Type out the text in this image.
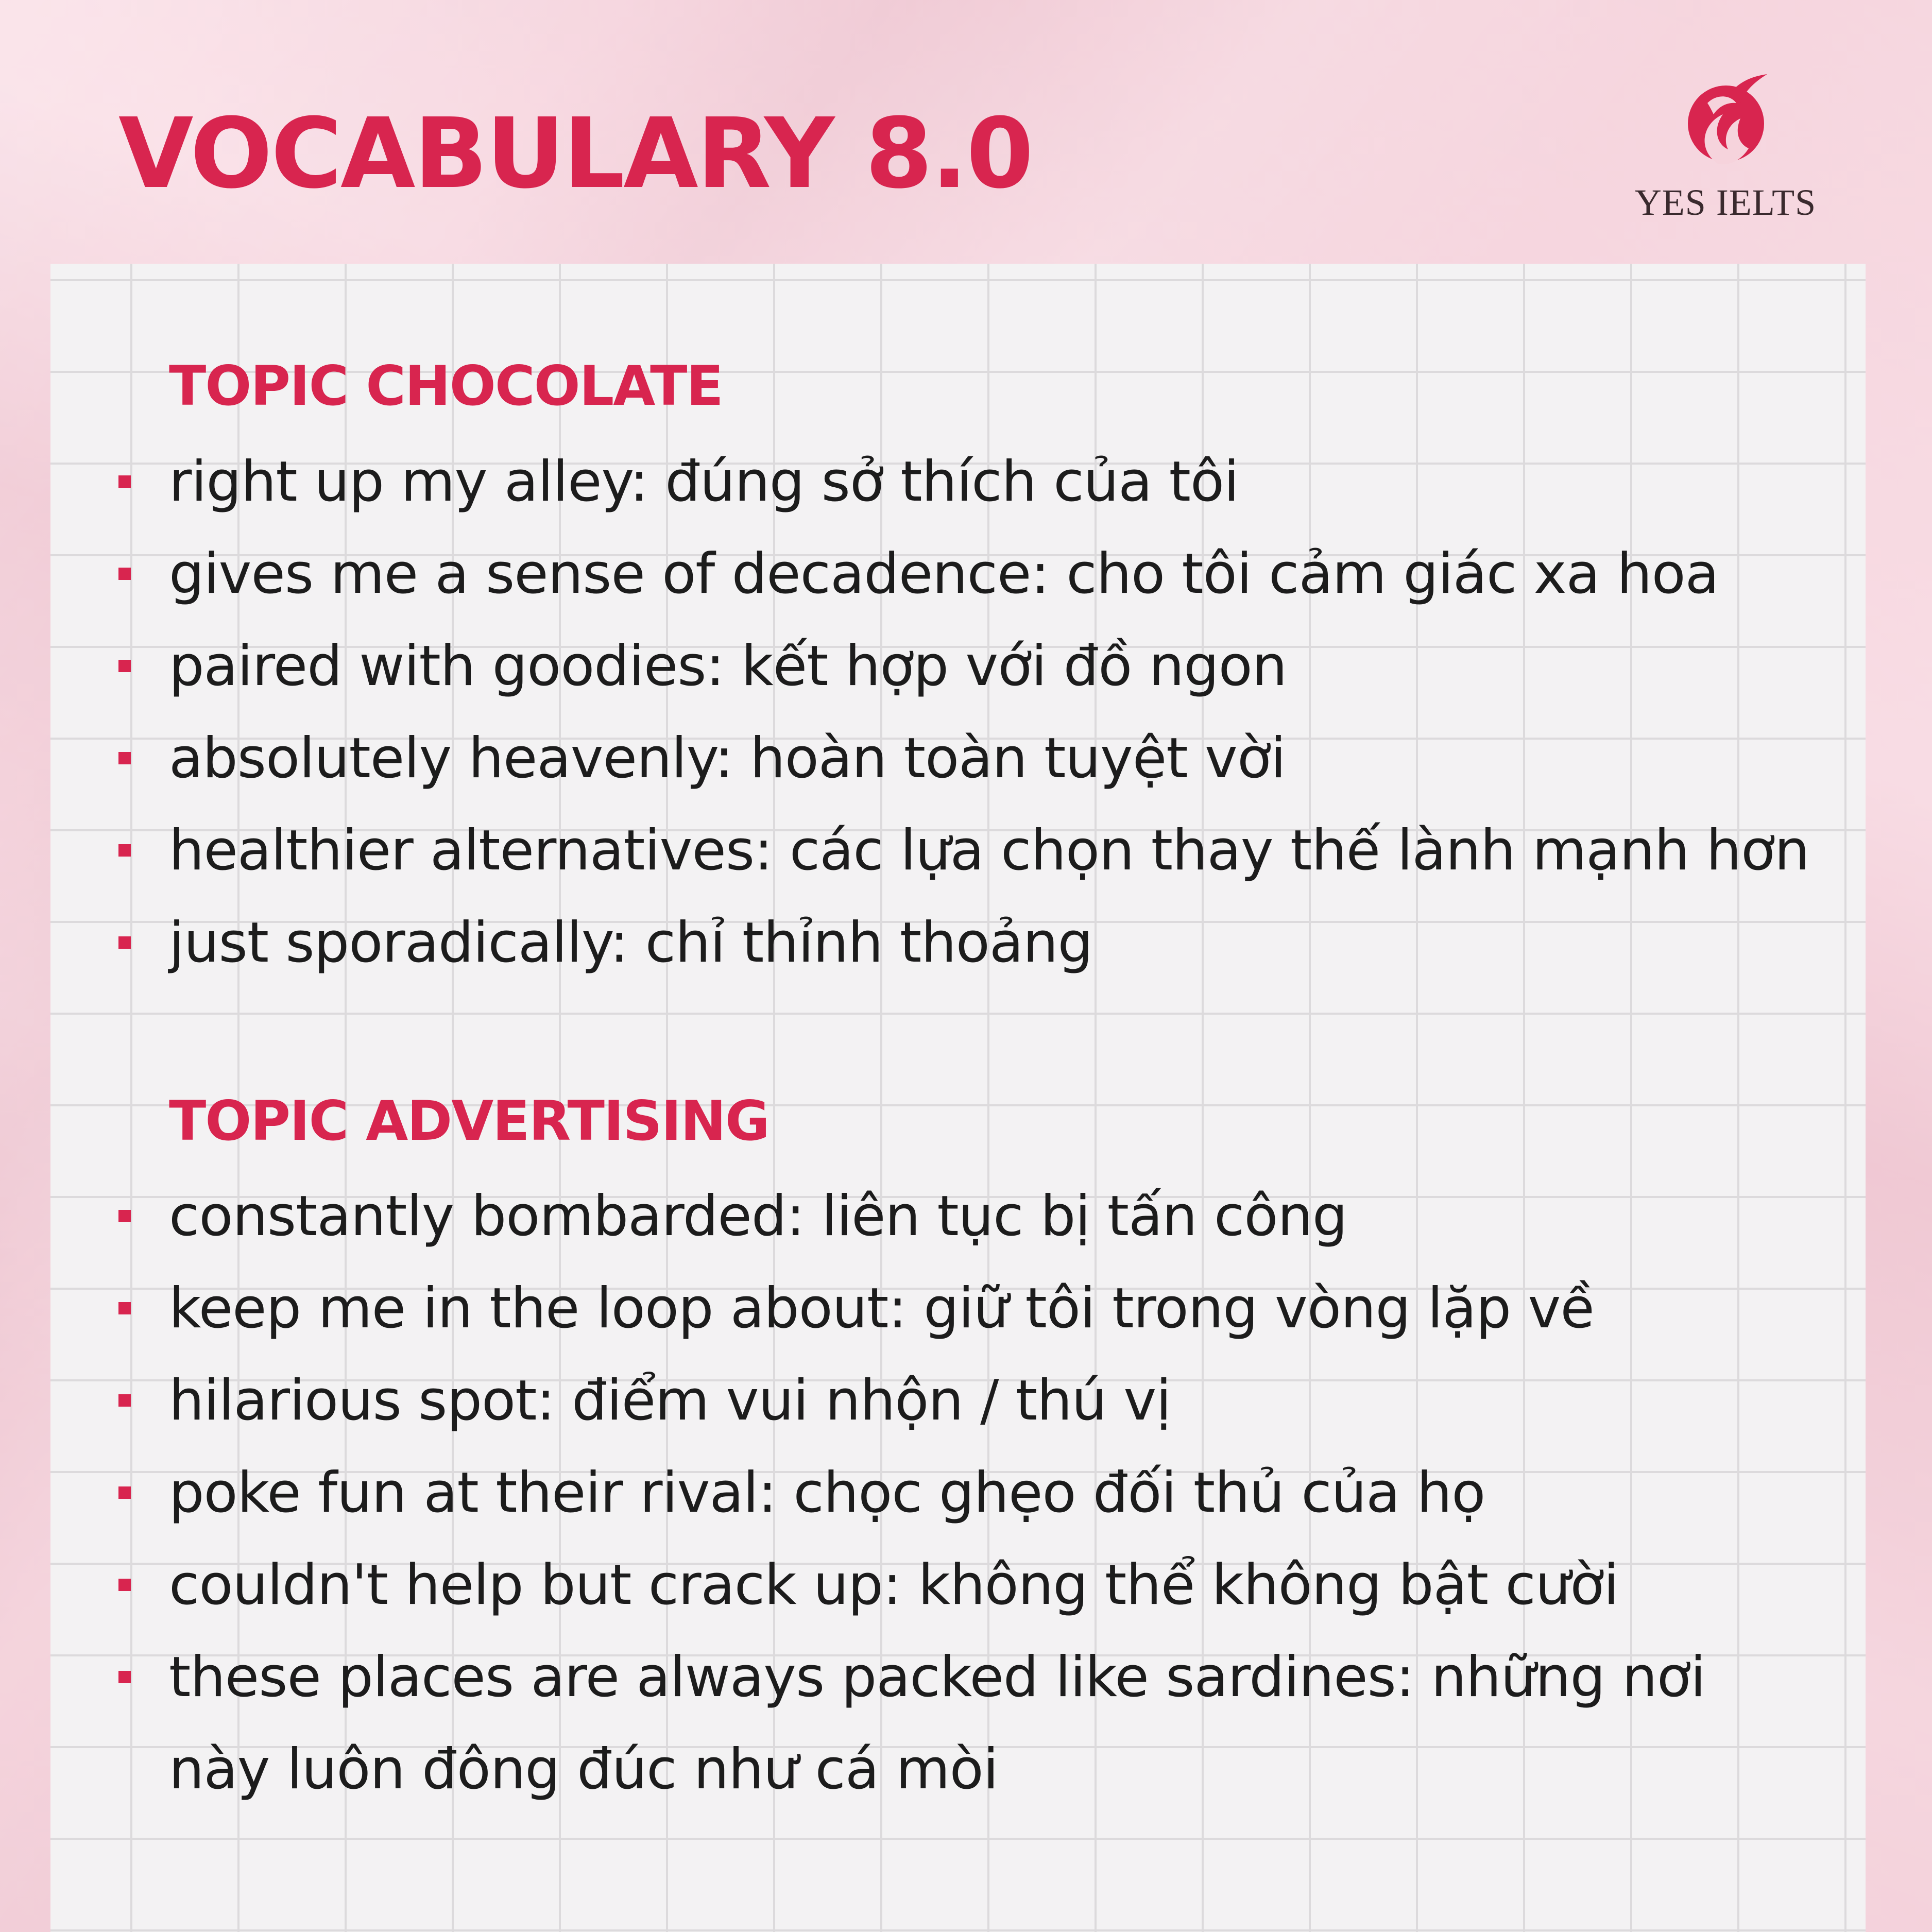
VOCABULARY 8.0	YES IELTS
TOPIC CHOCOLATE
right up my alley: đúng sở thích của tôi
gives me a sense of decadence: cho tôi cảm giác xa hoa
paired with goodies: kết hợp với đồ ngon
absolutely heavenly: hoàn toàn tuyệt vời
healthier alternatives: các lựa chọn thay thế lành mạnh hơn
just sporadically: chỉ thỉnh thoảng
TOPIC ADVERTISING
constantly bombarded: liên tục bị tấn công
keep me in the loop about: giữ tôi trong vòng lặp về
hilarious spot: điểm vui nhộn / thú vị
poke fun at their rival: chọc ghẹo đối thủ của họ
couldn't help but crack up: không thể không bật cười
these places are always packed like sardines: những nơi
này luôn đông đúc như cá mòi
